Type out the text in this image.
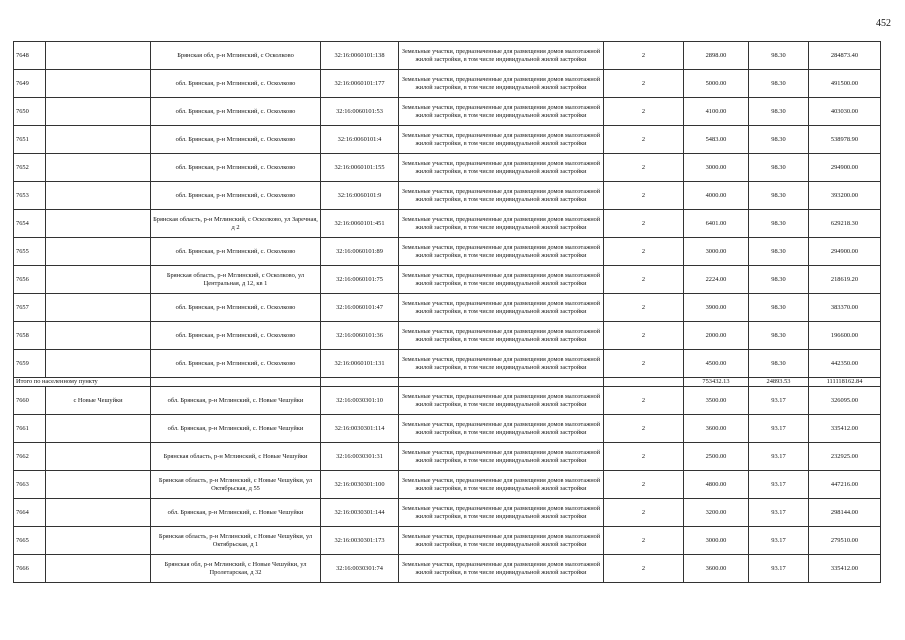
452
7648		Брянская обл, р-н Мглинский, с Осколково	32:16:0060101:138	Земельные участки, предназначенные для размещения домов малоэтажной жилой застройки, в том числе индивидуальной жилой застройки	2	2898.00	98.30	284873.40
7649		обл. Брянская, р-н Мглинский, с. Осколково	32:16:0060101:177	Земельные участки, предназначенные для размещения домов малоэтажной жилой застройки, в том числе индивидуальной жилой застройки	2	5000.00	98.30	491500.00
7650		обл. Брянская, р-н Мглинский, с. Осколково	32:16:0060101:53	Земельные участки, предназначенные для размещения домов малоэтажной жилой застройки, в том числе индивидуальной жилой застройки	2	4100.00	98.30	403030.00
7651		обл. Брянская, р-н Мглинский, с. Осколково	32:16:0060101:4	Земельные участки, предназначенные для размещения домов малоэтажной жилой застройки, в том числе индивидуальной жилой застройки	2	5483.00	98.30	538978.90
7652		обл. Брянская, р-н Мглинский, с. Осколково	32:16:0060101:155	Земельные участки, предназначенные для размещения домов малоэтажной жилой застройки, в том числе индивидуальной жилой застройки	2	3000.00	98.30	294900.00
7653		обл. Брянская, р-н Мглинский, с. Осколково	32:16:0060101:9	Земельные участки, предназначенные для размещения домов малоэтажной жилой застройки, в том числе индивидуальной жилой застройки	2	4000.00	98.30	393200.00
7654		Брянская область, р-н Мглинский, с Осколково, ул Заречная, д 2	32:16:0060101:451	Земельные участки, предназначенные для размещения домов малоэтажной жилой застройки, в том числе индивидуальной жилой застройки	2	6401.00	98.30	629218.30
7655		обл. Брянская, р-н Мглинский, с. Осколково	32:16:0060101:89	Земельные участки, предназначенные для размещения домов малоэтажной жилой застройки, в том числе индивидуальной жилой застройки	2	3000.00	98.30	294900.00
7656		Брянская область, р-н Мглинский, с Осколково, ул Центральная, д 12, кв 1	32:16:0060101:75	Земельные участки, предназначенные для размещения домов малоэтажной жилой застройки, в том числе индивидуальной жилой застройки	2	2224.00	98.30	218619.20
7657		обл. Брянская, р-н Мглинский, с. Осколково	32:16:0060101:47	Земельные участки, предназначенные для размещения домов малоэтажной жилой застройки, в том числе индивидуальной жилой застройки	2	3900.00	98.30	383370.00
7658		обл. Брянская, р-н Мглинский, с. Осколково	32:16:0060101:36	Земельные участки, предназначенные для размещения домов малоэтажной жилой застройки, в том числе индивидуальной жилой застройки	2	2000.00	98.30	196600.00
7659		обл. Брянская, р-н Мглинский, с. Осколково	32:16:0060101:131	Земельные участки, предназначенные для размещения домов малоэтажной жилой застройки, в том числе индивидуальной жилой застройки	2	4500.00	98.30	442350.00
Итого по населенному пункту						753432.13	24893.53	111118162.84
7660	с Новые Чешуйки	обл. Брянская, р-н Мглинский, с. Новые Чешуйки	32:16:0030301:10	Земельные участки, предназначенные для размещения домов малоэтажной жилой застройки, в том числе индивидуальной жилой застройки	2	3500.00	93.17	326095.00
7661		обл. Брянская, р-н Мглинский, с. Новые Чешуйки	32:16:0030301:114	Земельные участки, предназначенные для размещения домов малоэтажной жилой застройки, в том числе индивидуальной жилой застройки	2	3600.00	93.17	335412.00
7662		Брянская область, р-н Мглинский, с Новые Чешуйки	32:16:0030301:31	Земельные участки, предназначенные для размещения домов малоэтажной жилой застройки, в том числе индивидуальной жилой застройки	2	2500.00	93.17	232925.00
7663		Брянская область, р-н Мглинский, с Новые Чешуйки, ул Октябрьская, д 55	32:16:0030301:100	Земельные участки, предназначенные для размещения домов малоэтажной жилой застройки, в том числе индивидуальной жилой застройки	2	4800.00	93.17	447216.00
7664		обл. Брянская, р-н Мглинский, с. Новые Чешуйки	32:16:0030301:144	Земельные участки, предназначенные для размещения домов малоэтажной жилой застройки, в том числе индивидуальной жилой застройки	2	3200.00	93.17	298144.00
7665		Брянская область, р-н Мглинский, с Новые Чешуйки, ул Октябрьская, д 1	32:16:0030301:173	Земельные участки, предназначенные для размещения домов малоэтажной жилой застройки, в том числе индивидуальной жилой застройки	2	3000.00	93.17	279510.00
7666		Брянская обл, р-н Мглинский, с Новые Чешуйки, ул Пролетарская, д 32	32:16:0030301:74	Земельные участки, предназначенные для размещения домов малоэтажной жилой застройки, в том числе индивидуальной жилой застройки	2	3600.00	93.17	335412.00
